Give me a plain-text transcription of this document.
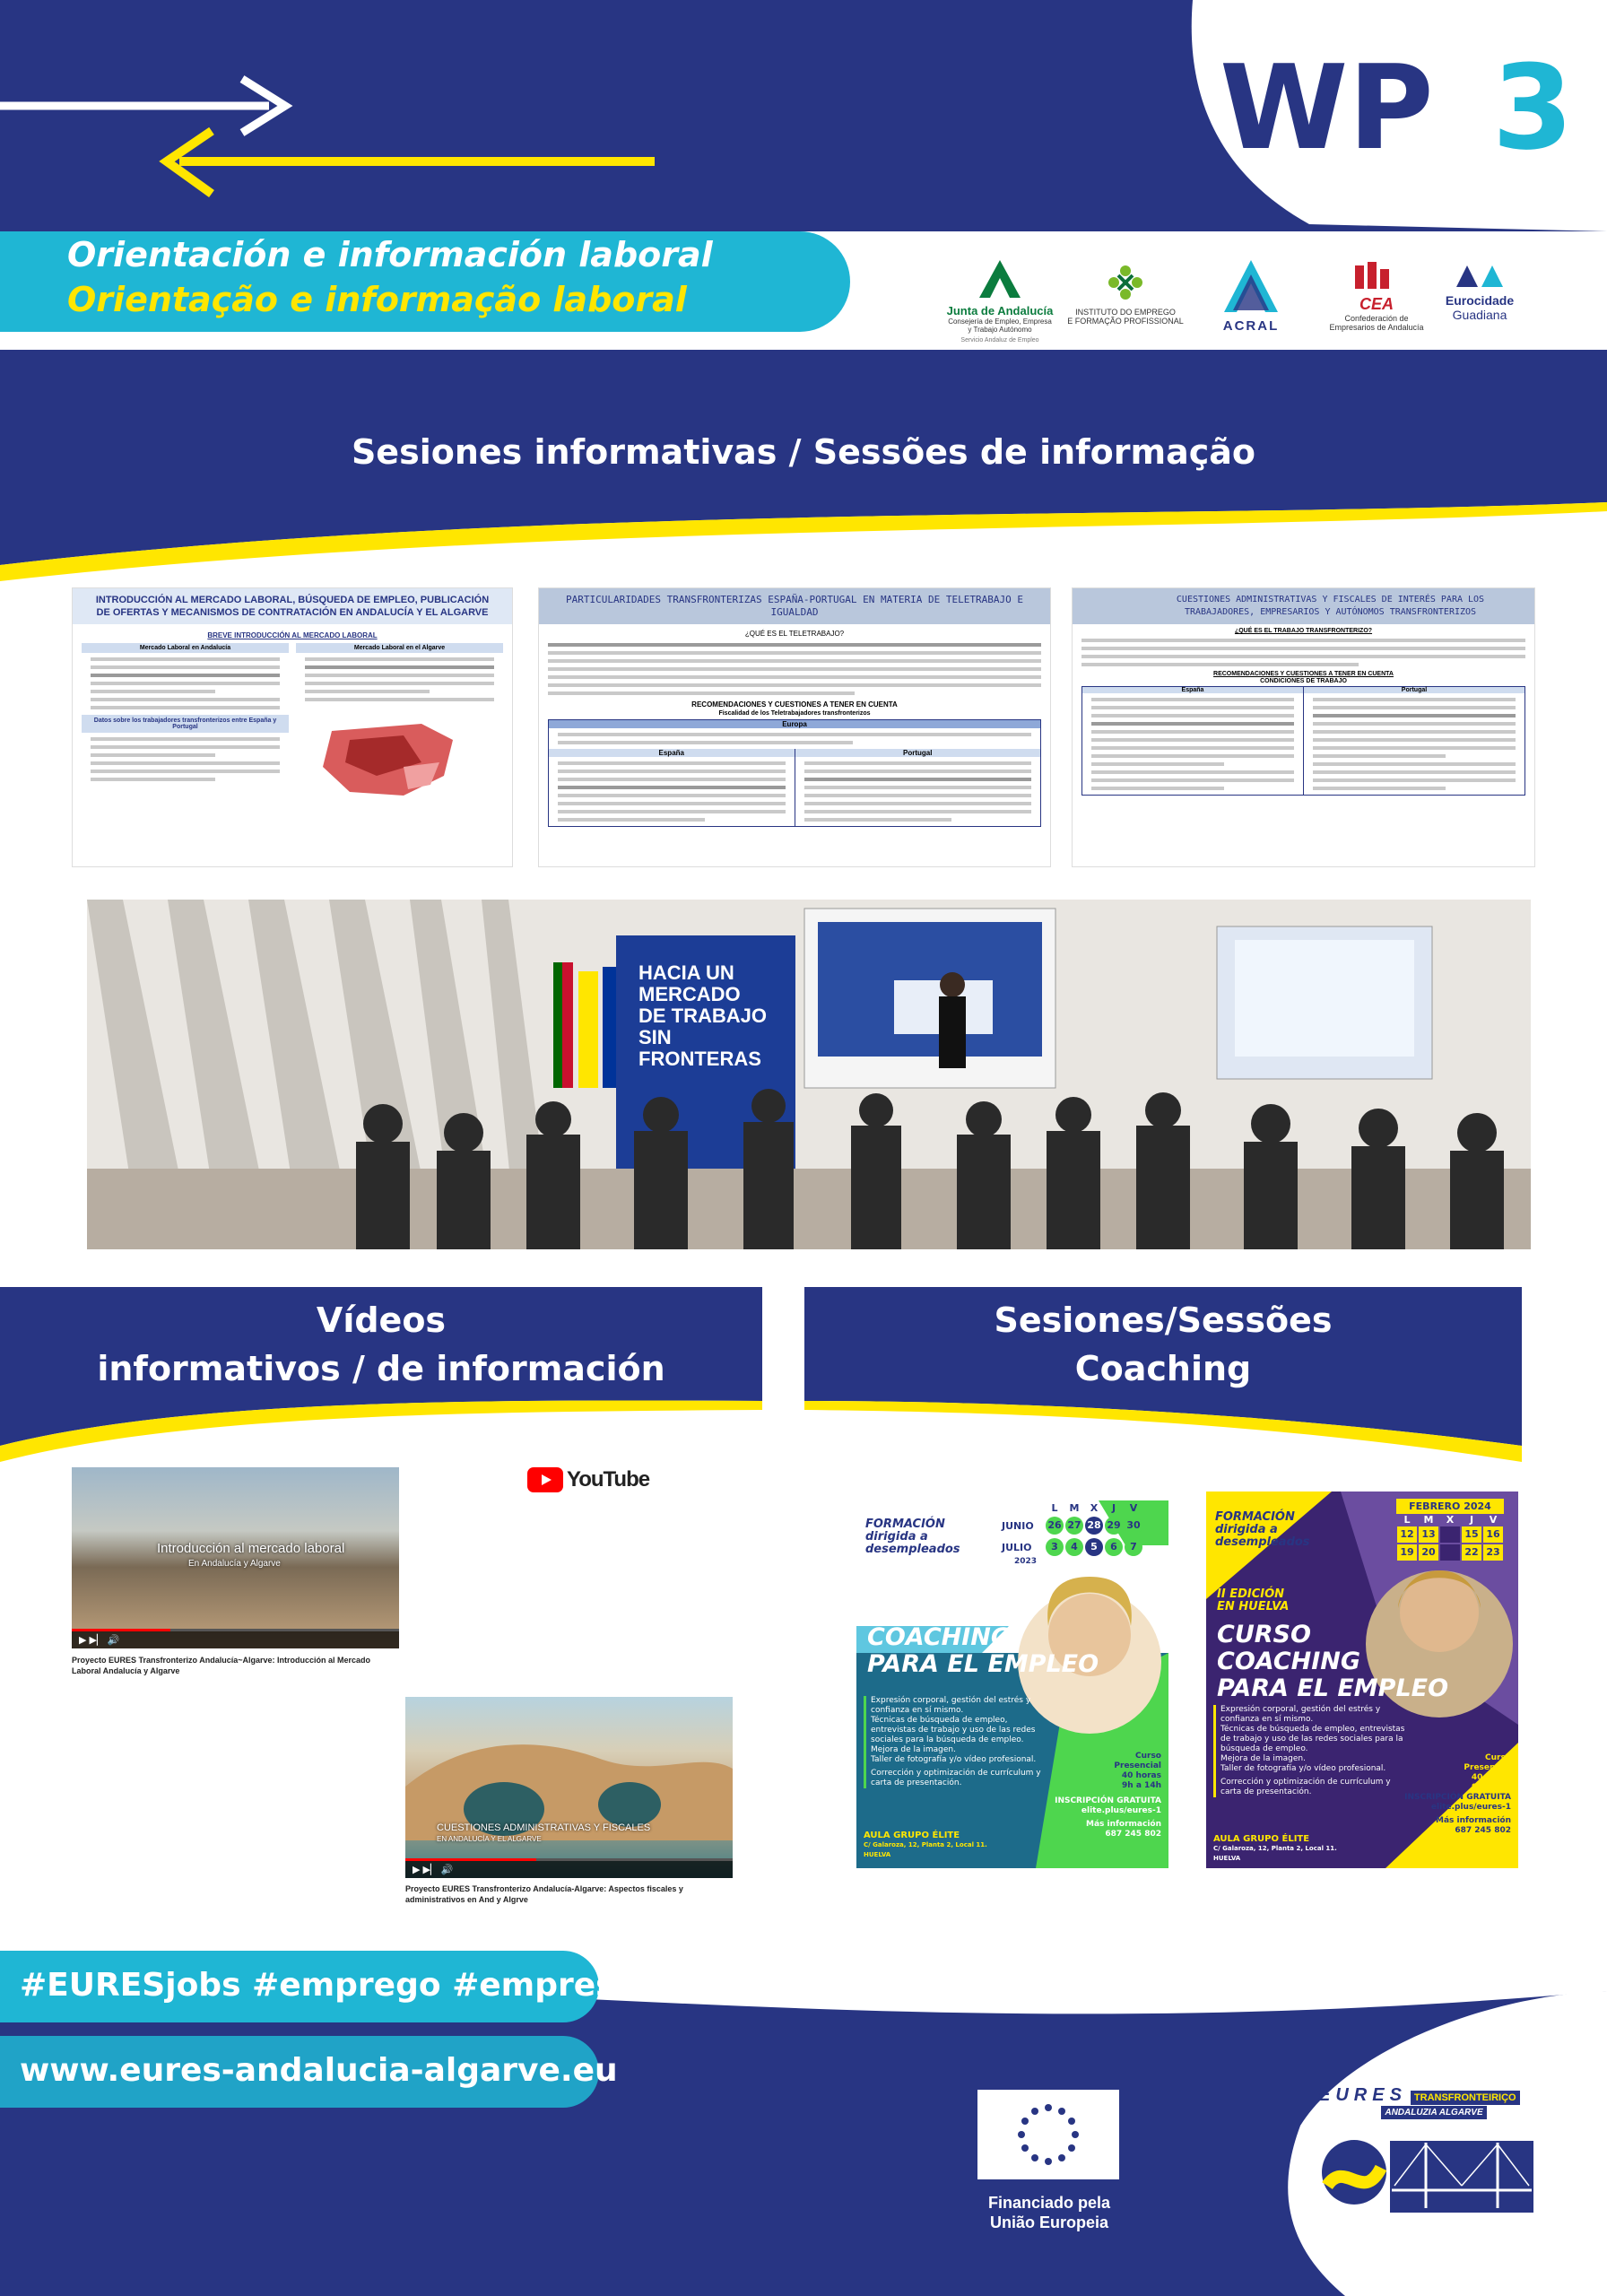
WP 3
Orientación e información laboral
Orientação e informação laboral	Junta de Andalucía
Consejería de Empleo, Empresa
y Trabajo Autónomo
Servicio Andaluz de Empleo
INSTITUTO DO EMPREGO
E FORMAÇÃO PROFISSIONAL	ACRAL
CEA
Confederación de
Empresarios de Andalucía
Eurocidade
Guadiana
Sesiones informativas / Sessões de informação
INTRODUCCIÓN AL MERCADO LABORAL, BÚSQUEDA DE EMPLEO, PUBLICACIÓN DE OFERTAS Y MECANISMOS DE CONTRATACIÓN EN ANDALUCÍA Y EL ALGARVE
BREVE INTRODUCCIÓN AL MERCADO LABORAL
Mercado Laboral en Andalucía
Datos sobre los trabajadores transfronterizos entre España y Portugal
Mercado Laboral en el Algarve
PARTICULARIDADES TRANSFRONTERIZAS ESPAÑA-PORTUGAL EN MATERIA DE TELETRABAJO E IGUALDAD
¿QUÉ ES EL TELETRABAJO?
RECOMENDACIONES Y CUESTIONES A TENER EN CUENTA
Fiscalidad de los Teletrabajadores transfronterizos
Europa
España	Portugal
CUESTIONES ADMINISTRATIVAS Y FISCALES DE INTERÉS PARA LOS TRABAJADORES, EMPRESARIOS Y AUTÓNOMOS TRANSFRONTERIZOS
¿QUÉ ES EL TRABAJO TRANSFRONTERIZO?
RECOMENDACIONES Y CUESTIONES A TENER EN CUENTA
CONDICIONES DE TRABAJO
España	Portugal
HACIA UN MERCADO
DE TRABAJO
SIN FRONTERAS
Vídeos
informativos / de información
Sesiones/Sessões
Coaching
YouTube
Introducción al mercado laboral
En Andalucía y Algarve
▶ ▶▏ 🔊
Proyecto EURES Transfronterizo Andalucía~Algarve: Introducción al Mercado Laboral Andalucía y Algarve
CUESTIONES ADMINISTRATIVAS Y FISCALES
EN ANDALUCÍA Y EL ALGARVE
▶ ▶▏ 🔊
Proyecto EURES Transfronterizo Andalucía-Algarve: Aspectos fiscales y administrativos en And y Algrve
FORMACIÓN
dirigida a
desempleados
L	M	X	J	V
JUNIO	26 27 28 29 30
JULIO	3	4	5	6	7
2023
CURSO
COACHING
PARA EL EMPLEO
Expresión corporal, gestión del estrés y confianza en sí mismo.
Técnicas de búsqueda de empleo, entrevistas de trabajo y uso de las redes sociales para la búsqueda de empleo.
Mejora de la imagen.
Taller de fotografía y/o vídeo profesional.
Corrección y optimización de currículum y carta de presentación.
Curso Presencial
40 horas
9h a 14h
INSCRIPCIÓN GRATUITA
elite.plus/eures-1
Más información
687 245 802
AULA GRUPO ÉLITE
C/ Galaroza, 12, Planta 2, Local 11. HUELVA
FORMACIÓN
dirigida a
desempleados
FEBRERO 2024
L	M	X	J	V
12 13	15 16
19 20	22 23
II EDICIÓN EN HUELVA
CURSO
COACHING
PARA EL EMPLEO
Expresión corporal, gestión del estrés y confianza en sí mismo.
Técnicas de búsqueda de empleo, entrevistas de trabajo y uso de las redes sociales para la búsqueda de empleo.
Mejora de la imagen.
Taller de fotografía y/o vídeo profesional.
Corrección y optimización de currículum y carta de presentación.
Curso Presencial
40 horas
9h a 14h
INSCRIPCIÓN GRATUITA
elite.plus/eures-1
Más información
687 245 802
AULA GRUPO ÉLITE
C/ Galaroza, 12, Planta 2, Local 11. HUELVA
#EURESjobs #emprego #empresa
www.eures-andalucia-algarve.eu
Financiado pela
União Europeia
EURES TRANSFRONTEIRIÇO
ANDALUZIA ALGARVE
